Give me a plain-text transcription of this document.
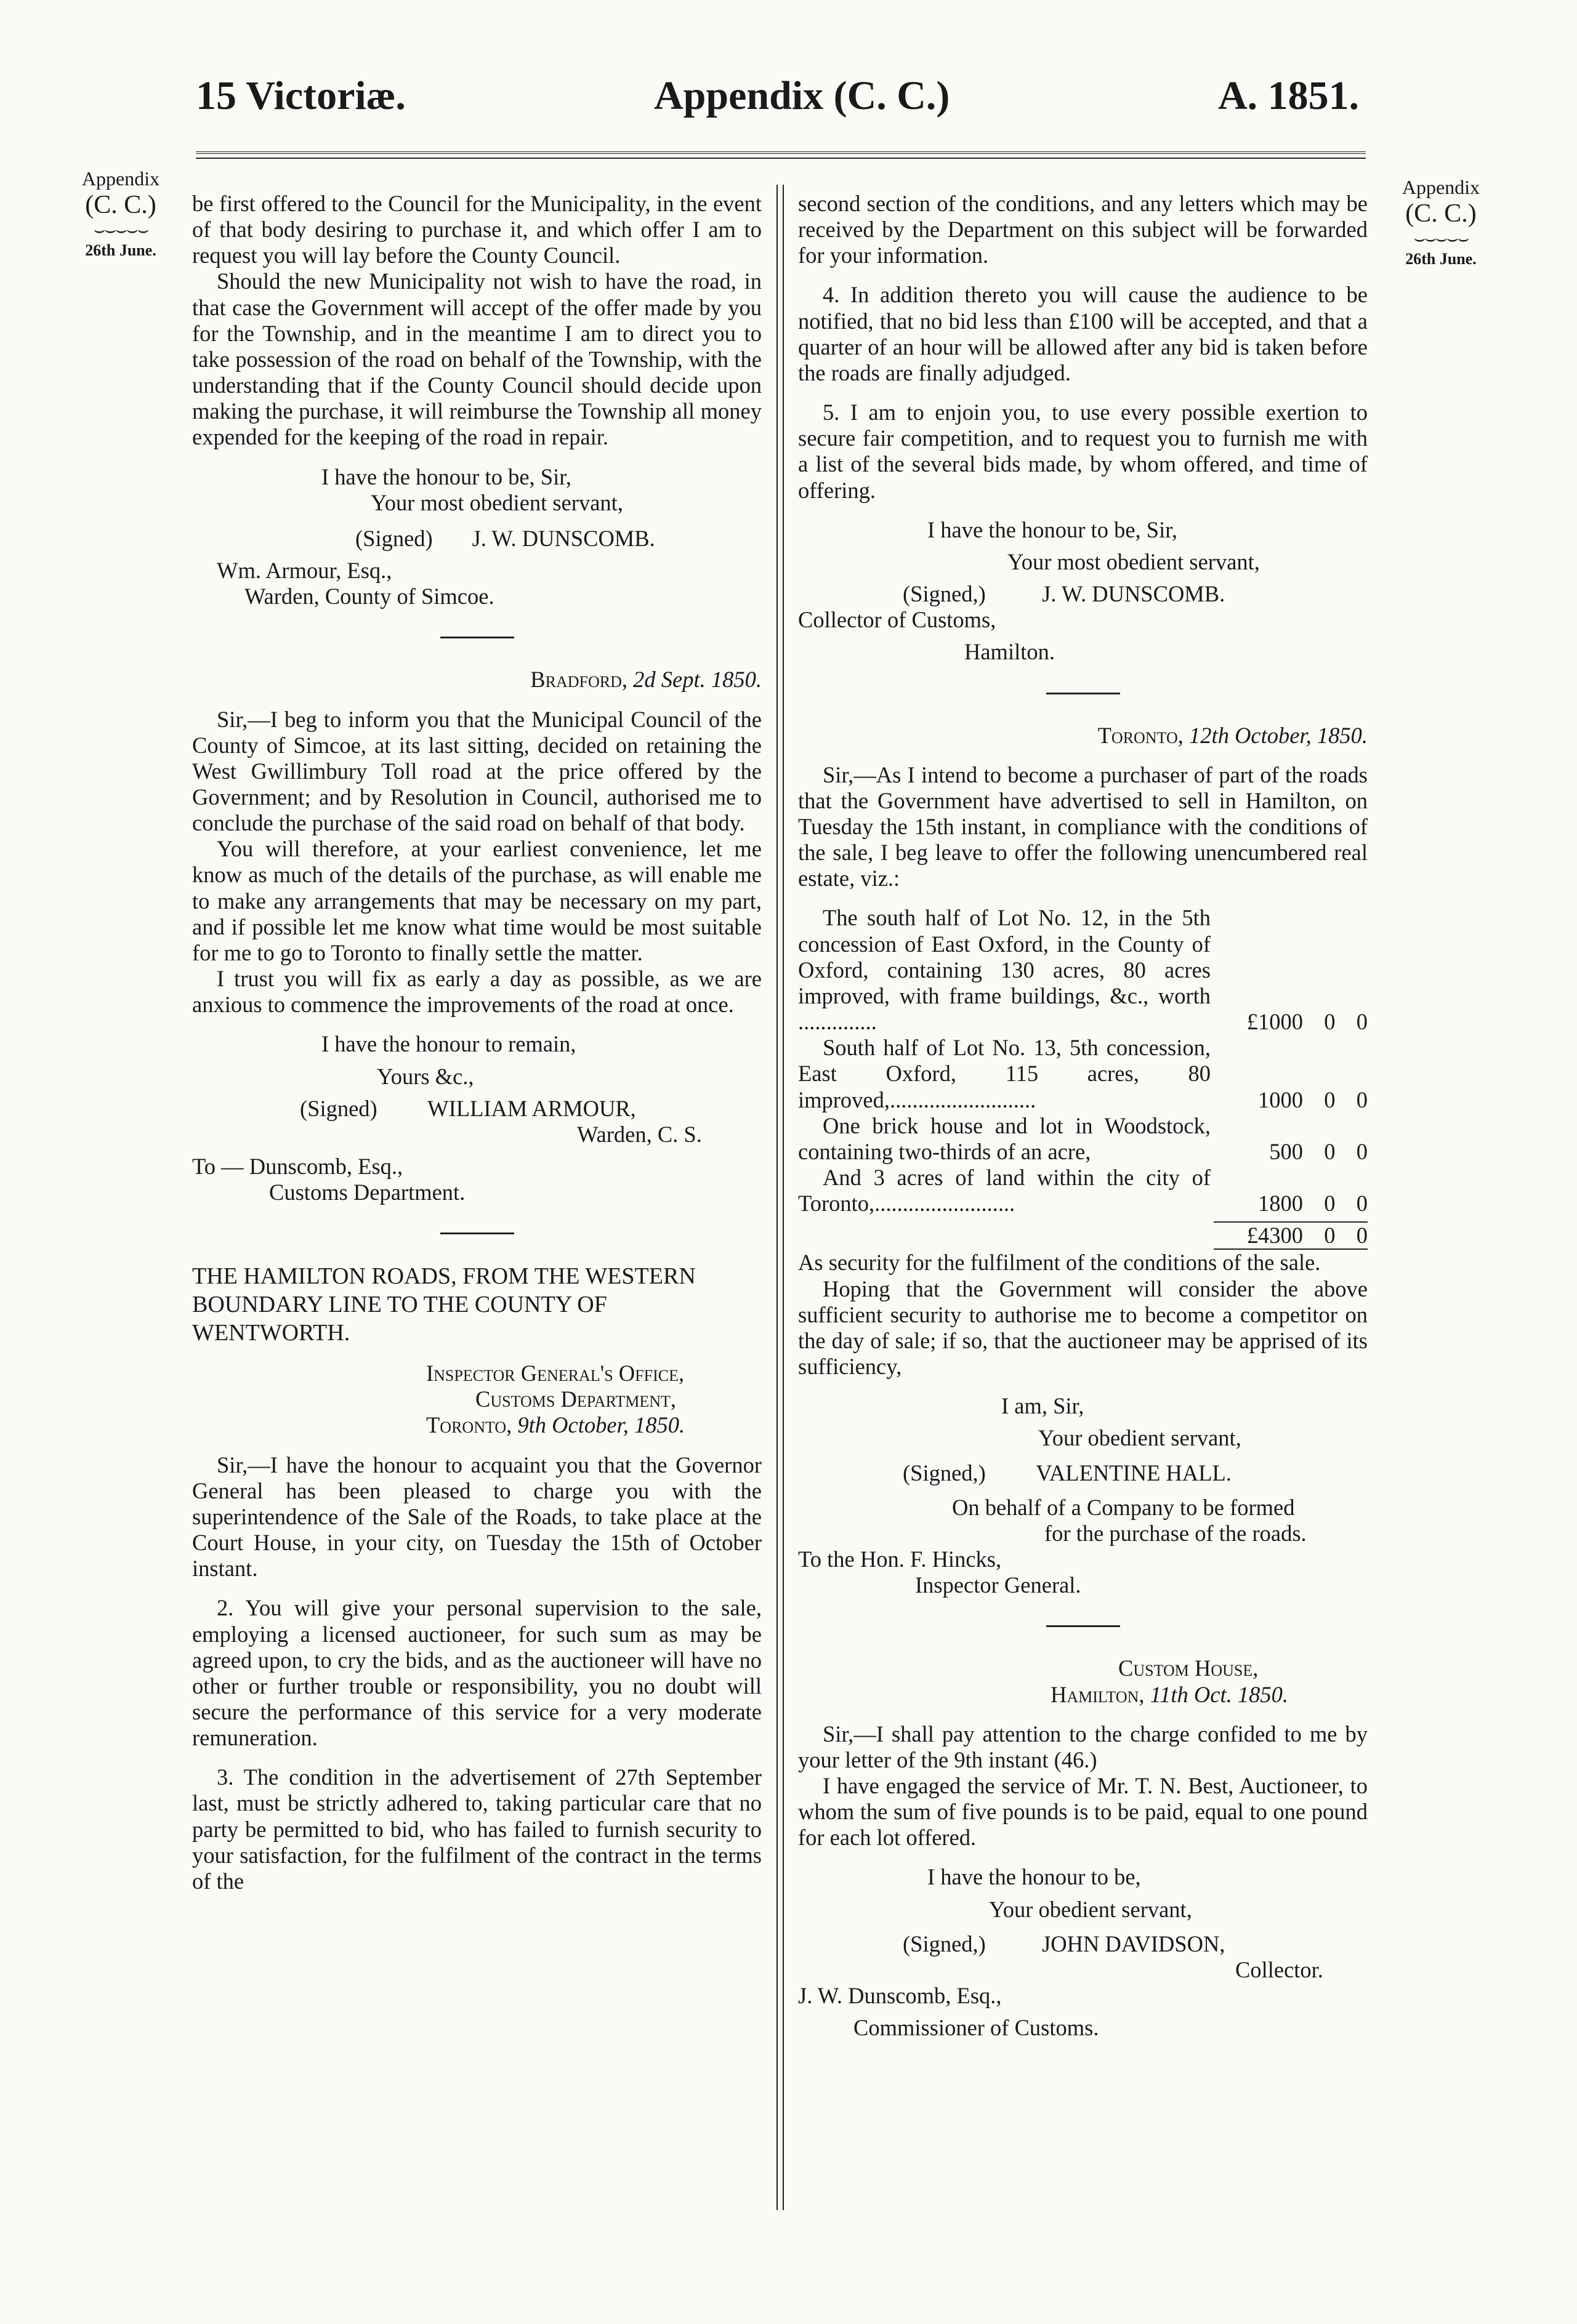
15 Victoriæ.	Appendix (C. C.)	A. 1851.
Appendix
(C. C.)
⌣⌣⌣⌣⌣
26th June.
Appendix
(C. C.)
⌣⌣⌣⌣⌣
26th June.

be first offered to the Council for the Municipality, in the event of that body desiring to purchase it, and which offer I am to request you will lay before the County Council.

Should the new Municipality not wish to have the road, in that case the Government will accept of the offer made by you for the Township, and in the meantime I am to direct you to take possession of the road on behalf of the Township, with the understanding that if the County Council should decide upon making the purchase, it will reimburse the Township all money expended for the keeping of the road in repair.

I have the honour to be, Sir,

Your most obedient servant,

(Signed) J. W. DUNSCOMB.

Wm. Armour, Esq.,

Warden, County of Simcoe.

Bradford, 2d Sept. 1850.

Sir,—I beg to inform you that the Municipal Council of the County of Simcoe, at its last sitting, decided on retaining the West Gwillimbury Toll road at the price offered by the Government; and by Resolution in Council, authorised me to conclude the purchase of the said road on behalf of that body.

You will therefore, at your earliest convenience, let me know as much of the details of the purchase, as will enable me to make any arrangements that may be necessary on my part, and if possible let me know what time would be most suitable for me to go to Toronto to finally settle the matter.

I trust you will fix as early a day as possible, as we are anxious to commence the improvements of the road at once.

I have the honour to remain,

Yours &c.,

(Signed) WILLIAM ARMOUR,

Warden, C. S.

To — Dunscomb, Esq.,

Customs Department.

THE HAMILTON ROADS, FROM THE WESTERN BOUNDARY LINE TO THE COUNTY OF WENTWORTH.

Inspector General's Office,

Customs Department,

Toronto, 9th October, 1850.

Sir,—I have the honour to acquaint you that the Governor General has been pleased to charge you with the superintendence of the Sale of the Roads, to take place at the Court House, in your city, on Tuesday the 15th of October instant.

2. You will give your personal supervision to the sale, employing a licensed auctioneer, for such sum as may be agreed upon, to cry the bids, and as the auctioneer will have no other or further trouble or responsibility, you no doubt will secure the performance of this service for a very moderate remuneration.

3. The condition in the advertisement of 27th September last, must be strictly adhered to, taking particular care that no party be permitted to bid, who has failed to furnish security to your satisfaction, for the fulfilment of the contract in the terms of the

second section of the conditions, and any letters which may be received by the Department on this subject will be forwarded for your information.

4. In addition thereto you will cause the audience to be notified, that no bid less than £100 will be accepted, and that a quarter of an hour will be allowed after any bid is taken before the roads are finally adjudged.

5. I am to enjoin you, to use every possible exertion to secure fair competition, and to request you to furnish me with a list of the several bids made, by whom offered, and time of offering.

I have the honour to be, Sir,

Your most obedient servant,

(Signed,)	J. W. DUNSCOMB.

Collector of Customs,

Hamilton.

Toronto, 12th October, 1850.

Sir,—As I intend to become a purchaser of part of the roads that the Government have advertised to sell in Hamilton, on Tuesday the 15th instant, in compliance with the conditions of the sale, I beg leave to offer the following unencumbered real estate, viz.:

The south half of Lot No. 12, in the 5th concession of East Oxford, in the County of Oxford, containing 130 acres, 80 acres improved, with frame buildings, &c., worth ..............	£1000 0 0
South half of Lot No. 13, 5th concession, East Oxford, 115 acres, 80 improved,..........................	1000 0 0
One brick house and lot in Woodstock, containing two-thirds of an acre,	500 0 0
And 3 acres of land within the city of Toronto,.........................	1800 0 0
£4300 0 0

As security for the fulfilment of the conditions of the sale.

Hoping that the Government will consider the above sufficient security to authorise me to become a competitor on the day of sale; if so, that the auctioneer may be apprised of its sufficiency,

I am, Sir,

Your obedient servant,

(Signed,) VALENTINE HALL.

On behalf of a Company to be formed

for the purchase of the roads.

To the Hon. F. Hincks,

Inspector General.

Custom House,

Hamilton, 11th Oct. 1850.

Sir,—I shall pay attention to the charge confided to me by your letter of the 9th instant (46.)

I have engaged the service of Mr. T. N. Best, Auctioneer, to whom the sum of five pounds is to be paid, equal to one pound for each lot offered.

I have the honour to be,

Your obedient servant,

(Signed,)	JOHN DAVIDSON,

Collector.

J. W. Dunscomb, Esq.,

Commissioner of Customs.
